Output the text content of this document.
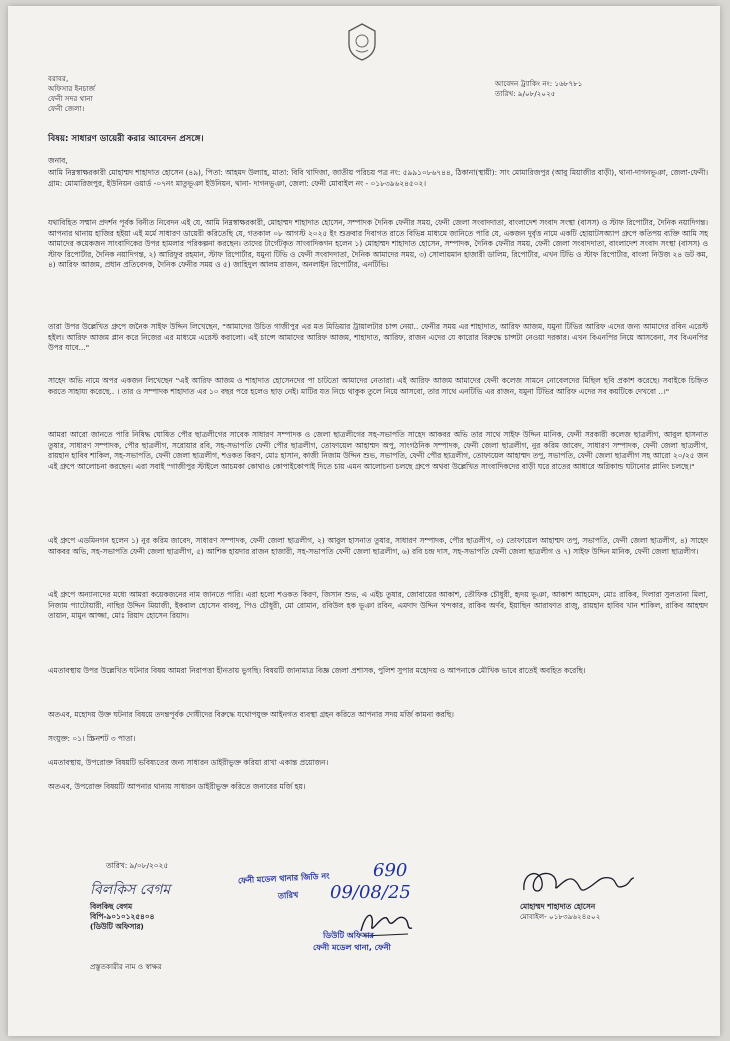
বরাবর,
অফিসার ইনচার্জ
ফেনী সদর থানা
ফেনী জেলা।
আবেদন ট্র্যাকিং নং: ১৬৮৭৮১
তারিখ: ৯/০৮/২০২৫
বিষয়: সাধারণ ডায়েরী করার আবেদন প্রসঙ্গে।
জনাব,
আমি নিম্নস্বাক্ষরকারী মোহাম্মদ শাহাদাত হোসেন (৪৯), পিতা: আহমদ উল্যাহ, মাতা: বিবি খাদিজা, জাতীয় পরিচয় পত্র নং: ৫৯৯১০৮৬৭৪৪, ঠিকানা(স্থায়ী): সাং মোমারিজপুর (আবু মিয়াজীর বাড়ী), থানা-দাগনভূঞা, জেলা-ফেনী। গ্রাম: মোমারিজপুর, ইউনিয়ন ওয়ার্ড -০৭নং মাতুভূঞা ইউনিয়ন, থানা- দাগনভূঞা, জেলা: ফেনী মোবাইল নং - ০১৮৩৯৬২৪৫০২।
যথাবিহিত সম্মান প্রদর্শন পূর্বক বিনীত নিবেদন এই যে, আমি নিম্নস্বাক্ষরকারী, মোহাম্মদ শাহাদাত হোসেন, সম্পাদক দৈনিক ফেনীর সময়, ফেনী জেলা সংবাদদাতা, বাংলাদেশ সংবাদ সংস্থা (বাসস) ও স্টাফ রিপোর্টার, দৈনিক নয়াদিগন্ত। আপনার থানায় হাজির হইয়া এই মর্মে সাধারণ ডায়েরী করিতেছি যে, গতকাল ০৮ আগস্ট ২০২৫ ইং শুক্রবার দিবাগত রাতে বিভিন্ন মাধ্যমে জানিতে পারি যে, একজন দুর্বৃত্ত নামে একটি হোয়াটসঅ্যাপ গ্রুপে কতিপয় ব্যক্তি আমি সহ আমাদের কয়েকজন সাংবাদিকের উপর হামলার পরিকল্পনা করছেন। তাদের টার্গেটকৃত সাংবাদিকগন হলেন ১) মোহাম্মদ শাহাদাত হোসেন, সম্পাদক, দৈনিক ফেনীর সময়, ফেনী জেলা সংবাদদাতা, বাংলাদেশ সংবাদ সংস্থা (বাসস) ও স্টাফ রিপোর্টার, দৈনিক নয়াদিগন্ত, ২) আরিফুর রহমান, স্টাফ রিপোর্টার, যমুনা টিভি ও ফেনী সংবাদদাতা, দৈনিক আমাদের সময়, ৩) সোলায়মান হাজারী ডালিম, রিপোর্টার, এখন টিভি ও স্টাফ রিপোর্টার, বাংলা নিউজ ২৪ ডট কম, ৪) আরিফ আজম, প্রধান প্রতিবেদক, দৈনিক ফেনীর সময় ও ৫) জাহিদুল আলম রাজন, অনলাইন রিপোর্টার, এনটিভি।
তারা উপর উল্লেখিত গ্রুপে জনৈক সাইফ উদ্দিন লিখেছেন, "আমাদের উচিত গাজীপুর এর মত মিডিয়ার ট্রায়ালটার চান্স নেয়া.. ফেনীর সময় এর শাহাদাত, আরিফ আজম, যমুনা টিভির আরিফ এদের জন্য আমাদের রবিন এরেস্ট হইল। আরিফ আজম প্লান করে নিজের এর মাধ্যমে এরেস্ট করালো। এই চান্সে আমাদের আরিফ আজম, শাহাদাত, আরিফ, রাজন এদের যে কারোর বিরুদ্ধে চান্সটা নেওয়া দরকার। এখন বিএনপির নিয়ে আসবেনা, সব বিএনপির উপর যাবে..."
সাহেদ অভি নামে অপর একজন লিখেছেন "এই আরিফ আজম ও শাহাদাত হোসেনদের পা চাটতো আমাদের নেতারা। এই আরিফ আজম আমাদের ফেনী কলেজ সামনে নোবেলদের মিছিল ছবি প্রকাশ করেছে। সবাইকে চিহ্নিত করতে সাহায্য করেছে.. । তার ও সম্পাদক শাহাদাত এর ১০ বছর পরে হলেও ছাড় নেই। মাটির যত নিচে থাকুক তুলে নিয়ে আসবো, তার সাথে এনটিভি এর রাজন, যমুনা টিভির আরিফ এদের সব কয়টিকে দেখবো ..।"
আমরা আরো জানতে পারি নিষিদ্ধ ঘোষিত পৌর ছাত্রলীগের সাবেক সাধারণ সম্পাদক ও জেলা ছাত্রলীগের সহ-সভাপতি সাহেদ আকবর অভি তার সাথে সাইফ উদ্দিন মানিক, ফেনী সরকারী কলেজ ছাত্রলীগ, আবুল হাসনাত তুষার, সাধারণ সম্পাদক, পৌর ছাত্রলীগ, সরোয়ার রবি, সহ-সভাপতি ফেনী পৌর ছাত্রলীগ, তোফায়েল আহাম্মদ অপু, সাংগঠনিক সম্পাদক, ফেনী জেলা ছাত্রলীগ, নুর করিম জাবেদ, সাধারণ সম্পাদক, ফেনী জেলা ছাত্রলীগ, রায়হান হাবিব শাকিল, সহ-সভাপতি, ফেনী জেলা ছাত্রলীগ, শওকত কিরণ, মোঃ হাসান, কাজী নিজাম উদ্দিন শুভ, সভাপতি, ফেনী পৌর ছাত্রলীগ, তোফায়েল আহাম্মদ তপু, সভাপতি, ফেনী জেলা ছাত্রলীগ সহ আরো ২০/২৫ জন এই গ্রুপে আলোচনা করছেন। এরা সবাই "গাজীপুর স্টাইলে আচমকা কোথাও কোপাইকোপাই দিতে চায় এমন আলোচনা চলছে গ্রুপে অথবা উল্লেখিত সাংবাদিকদের বাড়ী ঘরে রাতের আধারে অগ্নিকান্ড ঘটানোর প্লানিং চলছে।"
এই গ্রুপে এডমিনগন হলেন ১) নুর করিম জাবেদ, সাধারণ সম্পাদক, ফেনী জেলা ছাত্রলীগ, ২) আবুল হাসনাত তুষার, সাধারণ সম্পাদক, পৌর ছাত্রলীগ, ৩) তোফায়েল আহাম্মদ তপু, সভাপতি, ফেনী জেলা ছাত্রলীগ, ৪) সাহেদ আকবর অভি, সহ-সভাপতি ফেনী জেলা ছাত্রলীগ, ৫) আশিক হায়দার রাজন হাজারী, সহ-সভাপতি ফেনী জেলা ছাত্রলীগ, ৬) রবি চন্দ্র দাস, সহ-সভাপতি ফেনী জেলা ছাত্রলীগ ও ৭) সাইফ উদ্দিন মানিক, ফেনী জেলা ছাত্রলীগ।
এই গ্রুপে অন্যান্যদের মধ্যে আমরা কয়েকজনের নাম জানতে পারি। এরা হলো শওকত কিরণ, জিসান শুভ, এ এইচ তুষার, জোবায়ের আকাশ, তৌফিক চৌধুরী, হৃদয় ভূঞা, আকাশ আহমেদ, মোঃ রাকিব, দিলারা সুলতানা মিলা, নিজাম প্যাটোয়ারী, নাছির উদ্দিন মিয়াজী, ইকবাল হোসেন বাবলু, পিও চৌধুরী, মো রোমান, রবিউল হক ভূঞা রবিন, এমদাদ উদ্দিন খন্দকার, রাকিব অর্ণব, ইয়াছিন আরাফাত রাজু, রায়হান হাবিব খান শাকিল, রাকিব আহম্মদ তায়ান, মামুন আজ্জা, মোঃ রিয়াদ হোসেন রিয়াদ।
এমতাবস্থায় উপর উল্লেখিত ঘটনার বিষয় আমরা নিরাপত্তা হীনতায় ভুগছি। বিষয়টি জানামাত্র বিজ্ঞ জেলা প্রশাসক, পুলিশ সুপার মহোদয় ও আপনাকে মৌখিক ভাবে রাতেই অবহিত করেছি।
অতএব, মহোদয় উক্ত ঘটনার বিষয়ে তদন্তপূর্বক দোষীদের বিরুদ্ধে যথোপযুক্ত আইনগত ব্যবস্থা গ্রহন করিতে আপনার সদয় মর্জি কামনা করছি।
সংযুক্ত: ০১। স্ক্রিনশট ৩ পাতা।
এমতাবস্থায়, উপরোক্ত বিষয়টি ভবিষ্যতের জন্য সাধারন ডাইরীভুক্ত করিয়া রাখা একান্ত প্রয়োজন।
অতএব, উপরোক্ত বিষয়টি আপনার থানায় সাধারন ডাইরীভুক্ত করিতে জনাবের মর্জি হয়।
তারিখ: ৯/০৮/২০২৫
বিলকিস বেগম
বিলকিছ বেগম
বিপি-৯০১০১২৫৪০৪
(ডিউটি অফিসার)
প্রস্তুতকারীর নাম ও স্বাক্ষর
ফেনী মডেল থানার জিডি নং 690
তারিখ 09/08/25
ডিউটি অফিসার
ফেনী মডেল থানা, ফেনী
মোহাম্মদ শাহাদাত হোসেন
মোবাইল- ০১৮৩৯৬২৪৫০২
